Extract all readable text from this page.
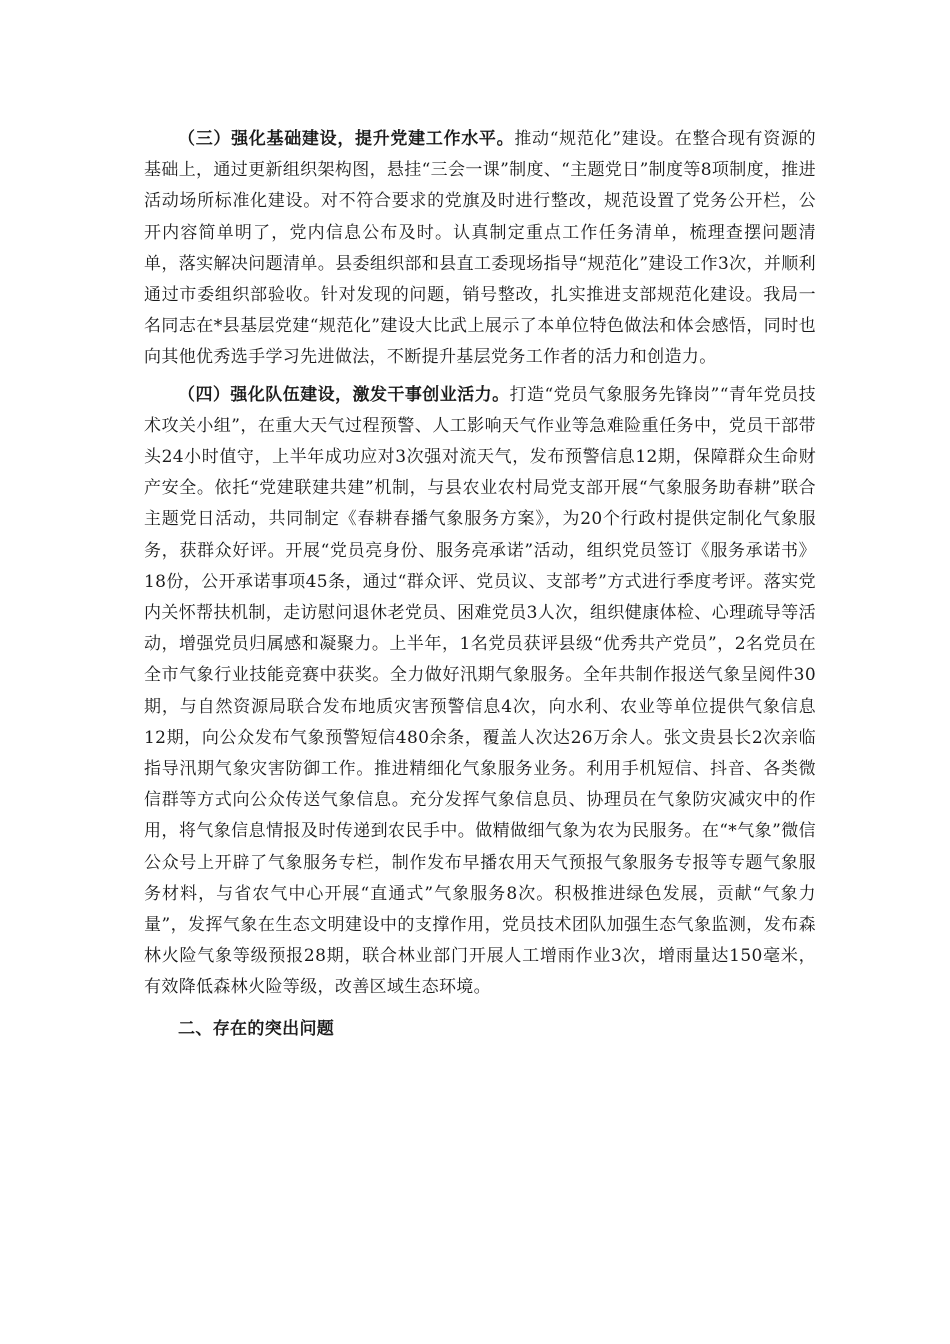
（三）强化基础建设，提升党建工作水平。推动“规范化”建设。在整合现有资源的基础上，通过更新组织架构图，悬挂“三会一课”制度、“主题党日”制度等8项制度，推进活动场所标准化建设。对不符合要求的党旗及时进行整改，规范设置了党务公开栏，公开内容简单明了，党内信息公布及时。认真制定重点工作任务清单，梳理查摆问题清单，落实解决问题清单。县委组织部和县直工委现场指导“规范化”建设工作3次，并顺利通过市委组织部验收。针对发现的问题，销号整改，扎实推进支部规范化建设。我局一名同志在*县基层党建“规范化”建设大比武上展示了本单位特色做法和体会感悟，同时也向其他优秀选手学习先进做法，不断提升基层党务工作者的活力和创造力。

（四）强化队伍建设，激发干事创业活力。打造“党员气象服务先锋岗”“青年党员技术攻关小组”，在重大天气过程预警、人工影响天气作业等急难险重任务中，党员干部带头24小时值守，上半年成功应对3次强对流天气，发布预警信息12期，保障群众生命财产安全。依托“党建联建共建”机制，与县农业农村局党支部开展“气象服务助春耕”联合主题党日活动，共同制定《春耕春播气象服务方案》，为20个行政村提供定制化气象服务，获群众好评。开展“党员亮身份、服务亮承诺”活动，组织党员签订《服务承诺书》18份，公开承诺事项45条，通过“群众评、党员议、支部考”方式进行季度考评。落实党内关怀帮扶机制，走访慰问退休老党员、困难党员3人次，组织健康体检、心理疏导等活动，增强党员归属感和凝聚力。上半年，1名党员获评县级“优秀共产党员”，2名党员在全市气象行业技能竞赛中获奖。全力做好汛期气象服务。全年共制作报送气象呈阅件30期，与自然资源局联合发布地质灾害预警信息4次，向水利、农业等单位提供气象信息12期，向公众发布气象预警短信480余条，覆盖人次达26万余人。张文贵县长2次亲临指导汛期气象灾害防御工作。推进精细化气象服务业务。利用手机短信、抖音、各类微信群等方式向公众传送气象信息。充分发挥气象信息员、协理员在气象防灾减灾中的作用，将气象信息情报及时传递到农民手中。做精做细气象为农为民服务。在“*气象”微信公众号上开辟了气象服务专栏，制作发布早播农用天气预报气象服务专报等专题气象服务材料，与省农气中心开展“直通式”气象服务8次。积极推进绿色发展，贡献“气象力量”，发挥气象在生态文明建设中的支撑作用，党员技术团队加强生态气象监测，发布森林火险气象等级预报28期，联合林业部门开展人工增雨作业3次，增雨量达150毫米，有效降低森林火险等级，改善区域生态环境。

二、存在的突出问题
